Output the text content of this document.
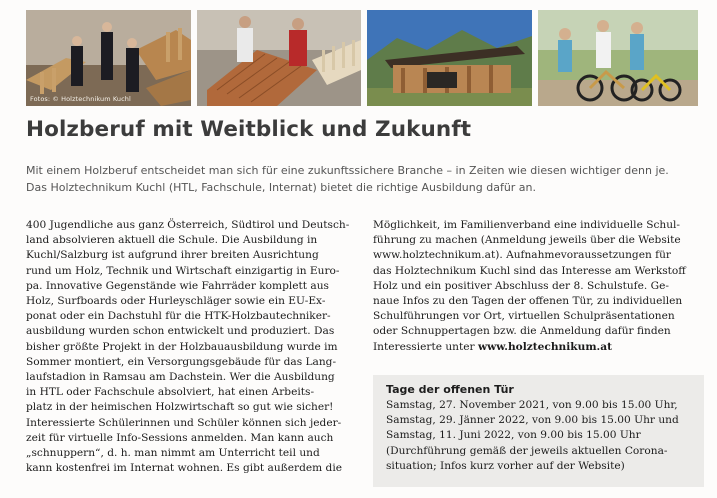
Fotos: © Holztechnikum Kuchl
Holzberuf mit Weitblick und Zukunft

Mit einem Holzberuf entscheidet man sich für eine zukunftssichere Branche – in Zeiten wie diesen wichtiger denn je.
Das Holztechnikum Kuchl (HTL, Fachschule, Internat) bietet die richtige Ausbildung dafür an.

400 Jugendliche aus ganz Österreich, Südtirol und Deutsch-
land absolvieren aktuell die Schule. Die Ausbildung in
Kuchl/Salzburg ist aufgrund ihrer breiten Ausrichtung
rund um Holz, Technik und Wirtschaft einzigartig in Euro-
pa. Innovative Gegenstände wie Fahrräder komplett aus
Holz, Surfboards oder Hurleyschläger sowie ein EU-Ex-
ponat oder ein Dachstuhl für die HTK-Holzbautechniker-
ausbildung wurden schon entwickelt und produziert. Das
bisher größte Projekt in der Holzbauausbildung wurde im
Sommer montiert, ein Versorgungsgebäude für das Lang-
laufstadion in Ramsau am Dachstein. Wer die Ausbildung
in HTL oder Fachschule absolviert, hat einen Arbeits-
platz in der heimischen Holzwirtschaft so gut wie sicher!
Interessierte Schülerinnen und Schüler können sich jeder-
zeit für virtuelle Info-Sessions anmelden. Man kann auch
„schnuppern“, d. h. man nimmt am Unterricht teil und
kann kostenfrei im Internat wohnen. Es gibt außerdem die

Möglichkeit, im Familienverband eine individuelle Schul-
führung zu machen (Anmeldung jeweils über die Website
www.holztechnikum.at). Aufnahmevoraussetzungen für
das Holztechnikum Kuchl sind das Interesse am Werkstoff
Holz und ein positiver Abschluss der 8. Schulstufe. Ge-
naue Infos zu den Tagen der offenen Tür, zu individuellen
Schulführungen vor Ort, virtuellen Schulpräsentationen
oder Schnuppertagen bzw. die Anmeldung dafür finden
Interessierte unter www.holztechnikum.at

Tage der offenen Tür

Samstag, 27. November 2021, von 9.00 bis 15.00 Uhr,
Samstag, 29. Jänner 2022, von 9.00 bis 15.00 Uhr und
Samstag, 11. Juni 2022, von 9.00 bis 15.00 Uhr
(Durchführung gemäß der jeweils aktuellen Corona-
situation; Infos kurz vorher auf der Website)
